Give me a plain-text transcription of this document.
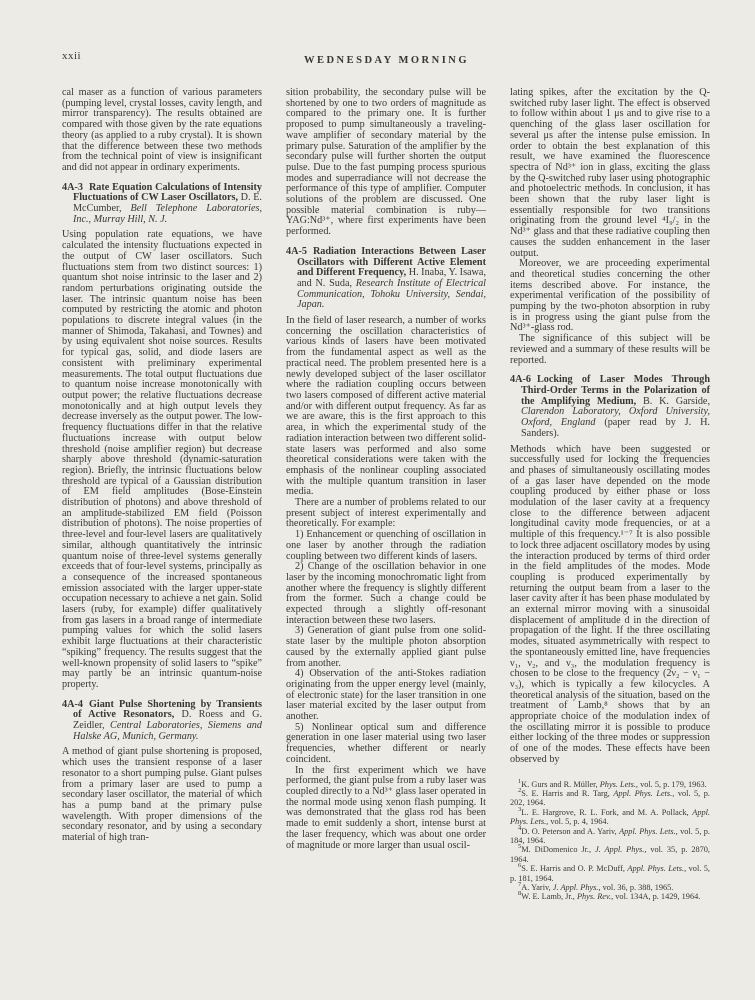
xxii	WEDNESDAY MORNING

cal maser as a function of various parameters (pumping level, crystal losses, cavity length, and mirror transparency). The results obtained are compared with those given by the rate equations theory (as applied to a ruby crystal). It is shown that the difference between these two methods from the technical point of view is insignificant and did not appear in ordinary experiments.

4A-3 Rate Equation Calculations of Intensity Fluctuations of CW Laser Oscillators, D. E. McCumber, Bell Telephone Laboratories, Inc., Murray Hill, N. J.

Using population rate equations, we have calculated the intensity fluctuations expected in the output of CW laser oscillators. Such fluctuations stem from two distinct sources: 1) quantum shot noise intrinsic to the laser and 2) random perturbations originating outside the laser. The intrinsic quantum noise has been computed by restricting the atomic and photon populations to discrete integral values (in the manner of Shimoda, Takahasi, and Townes) and by using equivalent shot noise sources. Results for typical gas, solid, and diode lasers are consistent with preliminary experimental measurements. The total output fluctuations due to quantum noise increase monotonically with output power; the relative fluctuations decrease monotonically and at high output levels they decrease inversely as the output power. The low-frequency fluctuations differ in that the relative fluctuations increase with output below threshold (noise amplifier region) but decrease sharply above threshold (dynamic-saturation region). Briefly, the intrinsic fluctuations below threshold are typical of a Gaussian distribution of EM field amplitudes (Bose-Einstein distribution of photons) and above threshold of an amplitude-stabilized EM field (Poisson distribution of photons). The noise properties of three-level and four-level lasers are qualitatively similar, although quantitatively the intrinsic quantum noise of three-level systems generally exceeds that of four-level systems, principally as a consequence of the increased spontaneous emission associated with the larger upper-state occupation necessary to achieve a net gain. Solid lasers (ruby, for example) differ qualitatively from gas lasers in a broad range of intermediate pumping values for which the solid lasers exhibit large fluctuations at their characteristic “spiking” frequency. The results suggest that the well-known propensity of solid lasers to “spike” may partly be an intrinsic quantum-noise property.

4A-4 Giant Pulse Shortening by Transients of Active Resonators, D. Roess and G. Zeidler, Central Laboratories, Siemens and Halske AG, Munich, Germany.

A method of giant pulse shortening is proposed, which uses the transient response of a laser resonator to a short pumping pulse. Giant pulses from a primary laser are used to pump a secondary laser oscillator, the material of which has a pump band at the primary pulse wavelength. With proper dimensions of the secondary resonator, and by using a secondary material of high tran-

sition probability, the secondary pulse will be shortened by one to two orders of magnitude as compared to the primary one. It is further proposed to pump simultaneously a traveling-wave amplifier of secondary material by the primary pulse. Saturation of the amplifier by the secondary pulse will further shorten the output pulse. Due to the fast pumping process spurious modes and superradiance will not decrease the performance of this type of amplifier. Computer solutions of the problem are discussed. One possible material combination is ruby—YAG:Nd³⁺, where first experiments have been performed.

4A-5 Radiation Interactions Between Laser Oscillators with Different Active Element and Different Frequency, H. Inaba, Y. Isawa, and N. Suda, Research Institute of Electrical Communication, Tohoku University, Sendai, Japan.

In the field of laser research, a number of works concerning the oscillation characteristics of various kinds of lasers have been motivated from the fundamental aspect as well as the practical need. The problem presented here is a newly developed subject of the laser oscillator where the radiation coupling occurs between two lasers composed of different active material and/or with different output frequency. As far as we are aware, this is the first approach to this area, in which the experimental study of the radiation interaction between two different solid-state lasers was performed and also some theoretical considerations were taken with the emphasis of the nonlinear coupling associated with the multiple quantum transition in laser media.

There are a number of problems related to our present subject of interest experimentally and theoretically. For example:

1) Enhancement or quenching of oscillation in one laser by another through the radiation coupling between two different kinds of lasers.

2) Change of the oscillation behavior in one laser by the incoming monochromatic light from another where the frequency is slightly different from the former. Such a change could be expected through a slightly off-resonant interaction between these two lasers.

3) Generation of giant pulse from one solid-state laser by the multiple photon absorption caused by the externally applied giant pulse from another.

4) Observation of the anti-Stokes radiation originating from the upper energy level (mainly, of electronic state) for the laser transition in one laser material excited by the laser output from another.

5) Nonlinear optical sum and difference generation in one laser material using two laser frequencies, whether different or nearly coincident.

In the first experiment which we have performed, the giant pulse from a ruby laser was coupled directly to a Nd³⁺ glass laser operated in the normal mode using xenon flash pumping. It was demonstrated that the glass rod has been made to emit suddenly a short, intense burst at the laser frequency, which was about one order of magnitude or more larger than usual oscil-

lating spikes, after the excitation by the Q-switched ruby laser light. The effect is observed to follow within about 1 μs and to give rise to a quenching of the glass laser oscillation for several μs after the intense pulse emission. In order to obtain the best explanation of this result, we have examined the fluorescence spectra of Nd³⁺ ion in glass, exciting the glass by the Q-switched ruby laser using photographic and photoelectric methods. In conclusion, it has been shown that the ruby laser light is essentially responsible for two transitions originating from the ground level ⁴I₉/₂ in the Nd³⁺ glass and that these radiative coupling then causes the sudden enhancement in the laser output.

Moreover, we are proceeding experimental and theoretical studies concerning the other items described above. For instance, the experimental verification of the possibility of pumping by the two-photon absorption in ruby is in progress using the giant pulse from the Nd³⁺-glass rod.

The significance of this subject will be reviewed and a summary of these results will be reported.

4A-6 Locking of Laser Modes Through Third-Order Terms in the Polarization of the Amplifying Medium, B. K. Garside, Clarendon Laboratory, Oxford University, Oxford, England (paper read by J. H. Sanders).

Methods which have been suggested or successfully used for locking the frequencies and phases of simultaneously oscillating modes of a gas laser have depended on the mode coupling produced by either phase or loss modulation of the laser cavity at a frequency close to the difference between adjacent longitudinal cavity mode frequencies, or at a multiple of this frequency.¹⁻⁷ It is also possible to lock three adjacent oscillatory modes by using the interaction produced by terms of third order in the field amplitudes of the modes. Mode coupling is produced experimentally by returning the output beam from a laser to the laser cavity after it has been phase modulated by an external mirror moving with a sinusoidal displacement of amplitude d in the direction of propagation of the light. If the three oscillating modes, situated asymmetrically with respect to the spontaneously emitted line, have frequencies ν₁, ν₂, and ν₃, the modulation frequency is chosen to be close to the frequency (2ν₂ − ν₁ − ν₃), which is typically a few kilocycles. A theoretical analysis of the situation, based on the treatment of Lamb,⁸ shows that by an appropriate choice of the modulation index of the oscillating mirror it is possible to produce either locking of the three modes or suppression of one of the modes. These effects have been observed by

$^1$K. Gurs and R. Müller, Phys. Lets., vol. 5, p. 179, 1963.

$^2$S. E. Harris and R. Targ, Appl. Phys. Lets., vol. 5, p. 202, 1964.

$^3$L. E. Hargrove, R. L. Fork, and M. A. Pollack, Appl. Phys. Lets., vol. 5, p. 4, 1964.

$^4$D. O. Peterson and A. Yariv, Appl. Phys. Lets., vol. 5, p. 184, 1964.

$^5$M. DiDomenico Jr., J. Appl. Phys., vol. 35, p. 2870, 1964.

$^6$S. E. Harris and O. P. McDuff, Appl. Phys. Lets., vol. 5, p. 181, 1964.

$^7$A. Yariv, J. Appl. Phys., vol. 36, p. 388, 1965.

$^8$W. E. Lamb, Jr., Phys. Rev., vol. 134A, p. 1429, 1964.
